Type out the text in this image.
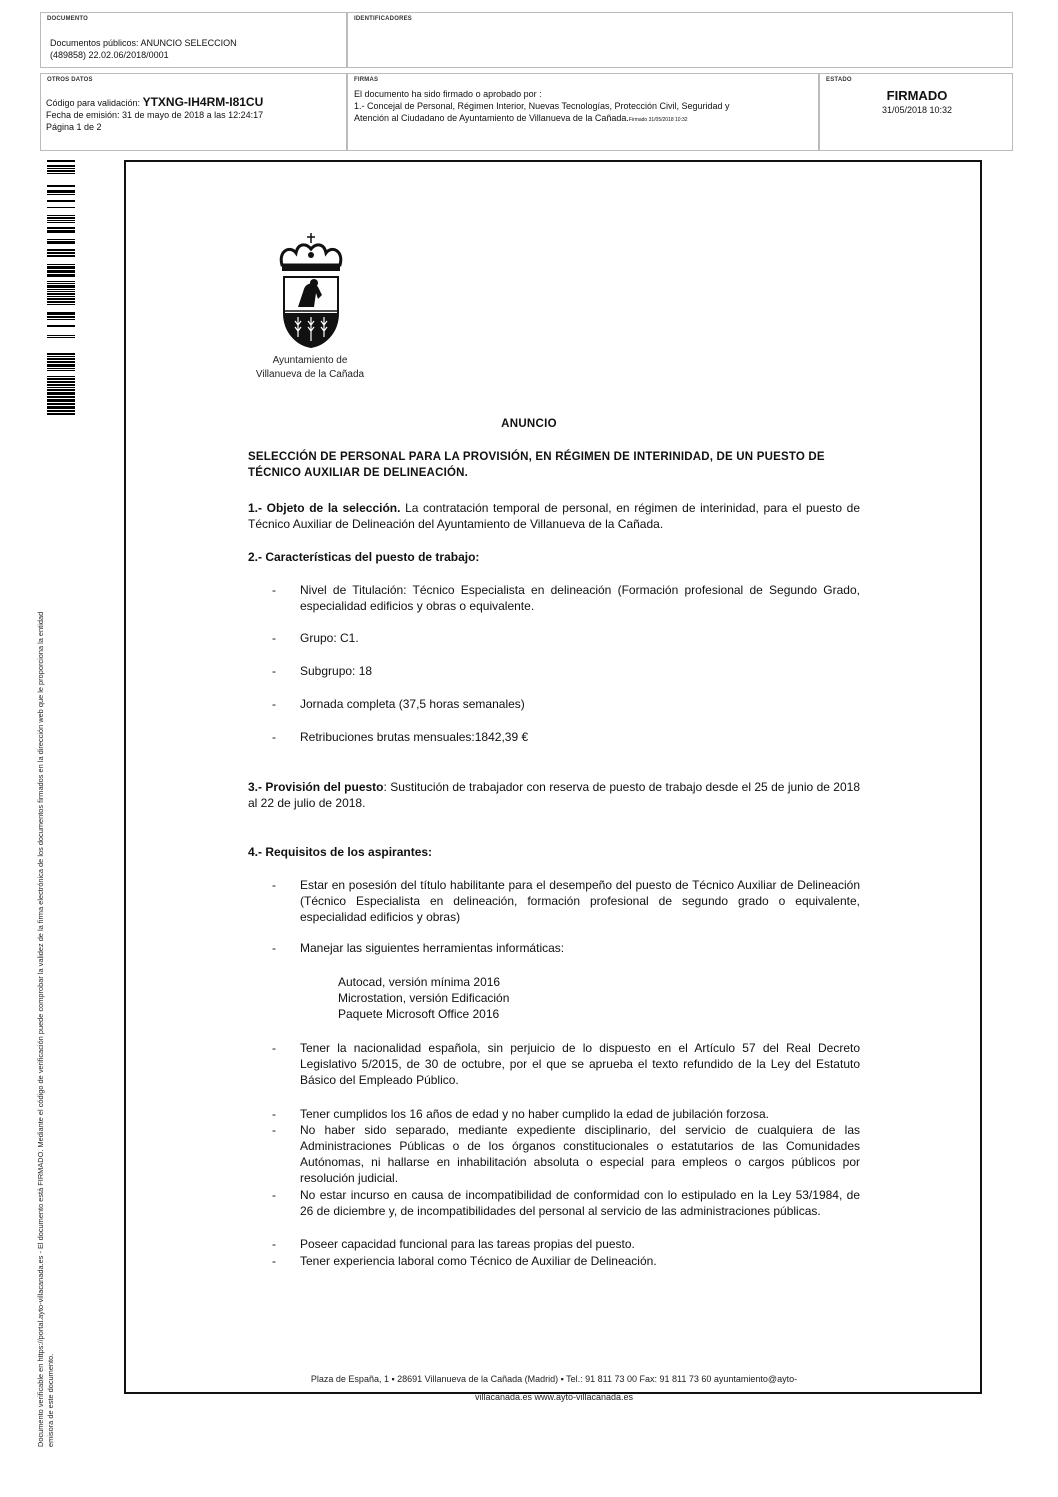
DOCUMENTO
Documentos públicos: ANUNCIO SELECCION
(489858) 22.02.06/2018/0001
IDENTIFICADORES
OTROS DATOS
Código para validación: YTXNG-IH4RM-I81CU
Fecha de emisión: 31 de mayo de 2018 a las 12:24:17
Página 1 de 2
FIRMAS
El documento ha sido firmado o aprobado por :
1.- Concejal de Personal, Régimen Interior, Nuevas Tecnologías, Protección Civil, Seguridad y
Atención al Ciudadano de Ayuntamiento de Villanueva de la Cañada.Firmado 31/05/2018 10:32
ESTADO
FIRMADO
31/05/2018 10:32
Documento verificable en https://portal.ayto-villacanada.es - El documento está FIRMADO. Mediante el código de verificación puede comprobar la validez de la firma electrónica de los documentos firmados en la dirección web que le proporciona la entidad emisora de este documento.
Ayuntamiento de
Villanueva de la Cañada
ANUNCIO
SELECCIÓN DE PERSONAL PARA LA PROVISIÓN, EN RÉGIMEN DE INTERINIDAD, DE UN PUESTO DE TÉCNICO AUXILIAR DE DELINEACIÓN.
1.- Objeto de la selección. La contratación temporal de personal, en régimen de interinidad, para el puesto de Técnico Auxiliar de Delineación del Ayuntamiento de Villanueva de la Cañada.
2.- Características del puesto de trabajo:
- Nivel de Titulación: Técnico Especialista en delineación (Formación profesional de Segundo Grado, especialidad edificios y obras o equivalente.
- Grupo: C1.
- Subgrupo: 18
- Jornada completa (37,5 horas semanales)
- Retribuciones brutas mensuales:1842,39 €
3.- Provisión del puesto: Sustitución de trabajador con reserva de puesto de trabajo desde el 25 de junio de 2018 al 22 de julio de 2018.
4.- Requisitos de los aspirantes:
- Estar en posesión del título habilitante para el desempeño del puesto de Técnico Auxiliar de Delineación (Técnico Especialista en delineación, formación profesional de segundo grado o equivalente, especialidad edificios y obras)
- Manejar las siguientes herramientas informáticas:
Autocad, versión mínima 2016
Microstation, versión Edificación
Paquete Microsoft Office 2016
- Tener la nacionalidad española, sin perjuicio de lo dispuesto en el Artículo 57 del Real Decreto Legislativo 5/2015, de 30 de octubre, por el que se aprueba el texto refundido de la Ley del Estatuto Básico del Empleado Público.
- Tener cumplidos los 16 años de edad y no haber cumplido la edad de jubilación forzosa.
- No haber sido separado, mediante expediente disciplinario, del servicio de cualquiera de las Administraciones Públicas o de los órganos constitucionales o estatutarios de las Comunidades Autónomas, ni hallarse en inhabilitación absoluta o especial para empleos o cargos públicos por resolución judicial.
- No estar incurso en causa de incompatibilidad de conformidad con lo estipulado en la Ley 53/1984, de 26 de diciembre y, de incompatibilidades del personal al servicio de las administraciones públicas.
- Poseer capacidad funcional para las tareas propias del puesto.
- Tener experiencia laboral como Técnico de Auxiliar de Delineación.
Plaza de España, 1 ▪ 28691 Villanueva de la Cañada (Madrid) ▪ Tel.: 91 811 73 00 Fax: 91 811 73 60 ayuntamiento@ayto-
villacanada.es www.ayto-villacanada.es
